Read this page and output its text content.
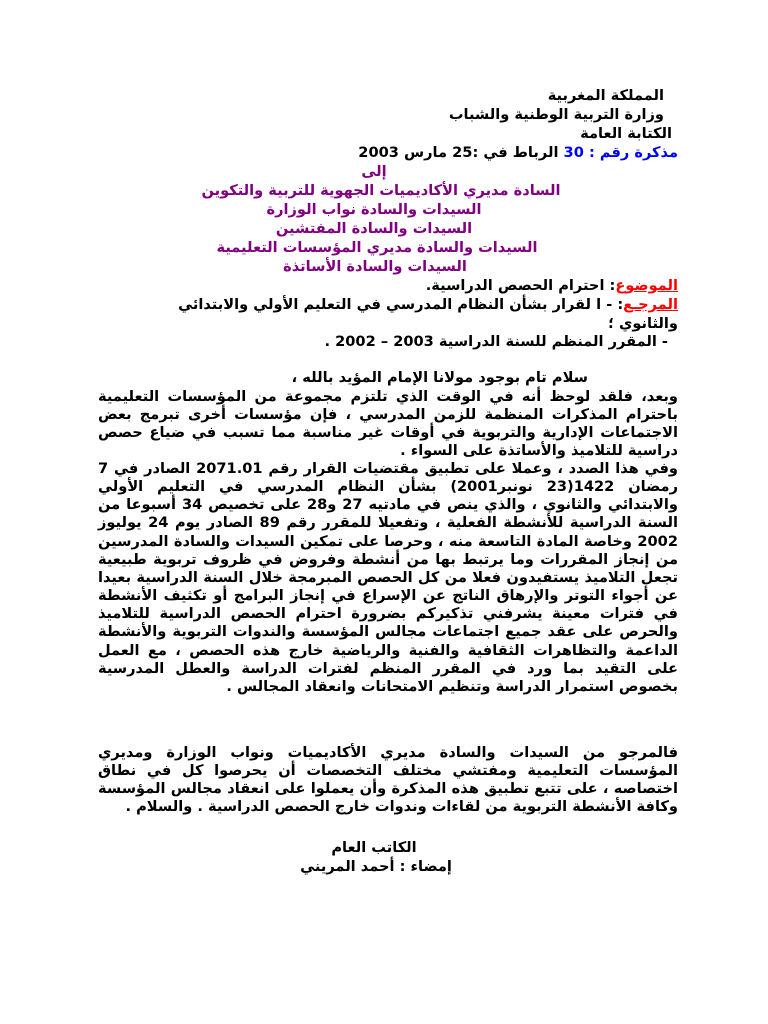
المملكة المغربية
وزارة التربية الوطنية والشباب
الكتابة العامة
مذكرة رقم : 30 الرباط في :25 مارس 2003
إلى
السادة مديري الأكاديميات الجهوية للتربية والتكوين
السيدات والسادة نواب الوزارة
السيدات والسادة المفتشين
السيدات والسادة مديري المؤسسات التعليمية
السيدات والسادة الأساتذة
الموضوع: احترام الحصص الدراسية.
المرجـع: - ا لقرار بشأن النظام المدرسي في التعليم الأولي والابتدائي
والثانوي ؛
- المقرر المنظم للسنة الدراسية 2003 – 2002 .
سلام تام بوجود مولانا الإمام المؤيد بالله ،
وبعد، فلقد لوحظ أنه في الوقت الذي تلتزم مجموعة من المؤسسات التعليمية باحترام المذكرات المنظمة للزمن المدرسي ، فإن مؤسسات أخرى تبرمج بعض الاجتماعات الإدارية والتربوية في أوقات غير مناسبة مما تسبب في ضياع حصص دراسية للتلاميذ والأساتذة على السواء .
وفي هذا الصدد ، وعملا على تطبيق مقتضيات القرار رقم 2071.01 الصادر في 7 رمضان 1422(23 نونبر2001) بشأن النظام المدرسي في التعليم الأولي والابتدائي والثانوي ، والذي ينص في مادتيه 27 و28 على تخصيص 34 أسبوعا من السنة الدراسية للأنشطة الفعلية ، وتفعيلا للمقرر رقم 89 الصادر يوم 24 يوليوز 2002 وخاصة المادة التاسعة منه ، وحرصا على تمكين السيدات والسادة المدرسين من إنجاز المقررات وما يرتبط بها من أنشطة وفروض في ظروف تربوية طبيعية تجعل التلاميذ يستفيدون فعلا من كل الحصص المبرمجة خلال السنة الدراسية بعيدا عن أجواء التوتر والإرهاق الناتج عن الإسراع في إنجاز البرامج أو تكثيف الأنشطة في فترات معينة يشرفني تذكيركم بضرورة احترام الحصص الدراسية للتلاميذ والحرص على عقد جميع اجتماعات مجالس المؤسسة والندوات التربوية والأنشطة الداعمة والتظاهرات الثقافية والفنية والرياضية خارج هذه الحصص ، مع العمل على التقيد بما ورد في المقرر المنظم لفترات الدراسة والعطل المدرسية بخصوص استمرار الدراسة وتنظيم الامتحانات وانعقاد المجالس .
فالمرجو من السيدات والسادة مديري الأكاديميات ونواب الوزارة ومديري المؤسسات التعليمية ومفتشي مختلف التخصصات أن يحرصوا كل في نطاق اختصاصه ، على تتبع تطبيق هذه المذكرة وأن يعملوا على انعقاد مجالس المؤسسة وكافة الأنشطة التربوية من لقاءات وندوات خارج الحصص الدراسية . والسلام .
الكاتب العام
إمضاء : أحمد المريني
